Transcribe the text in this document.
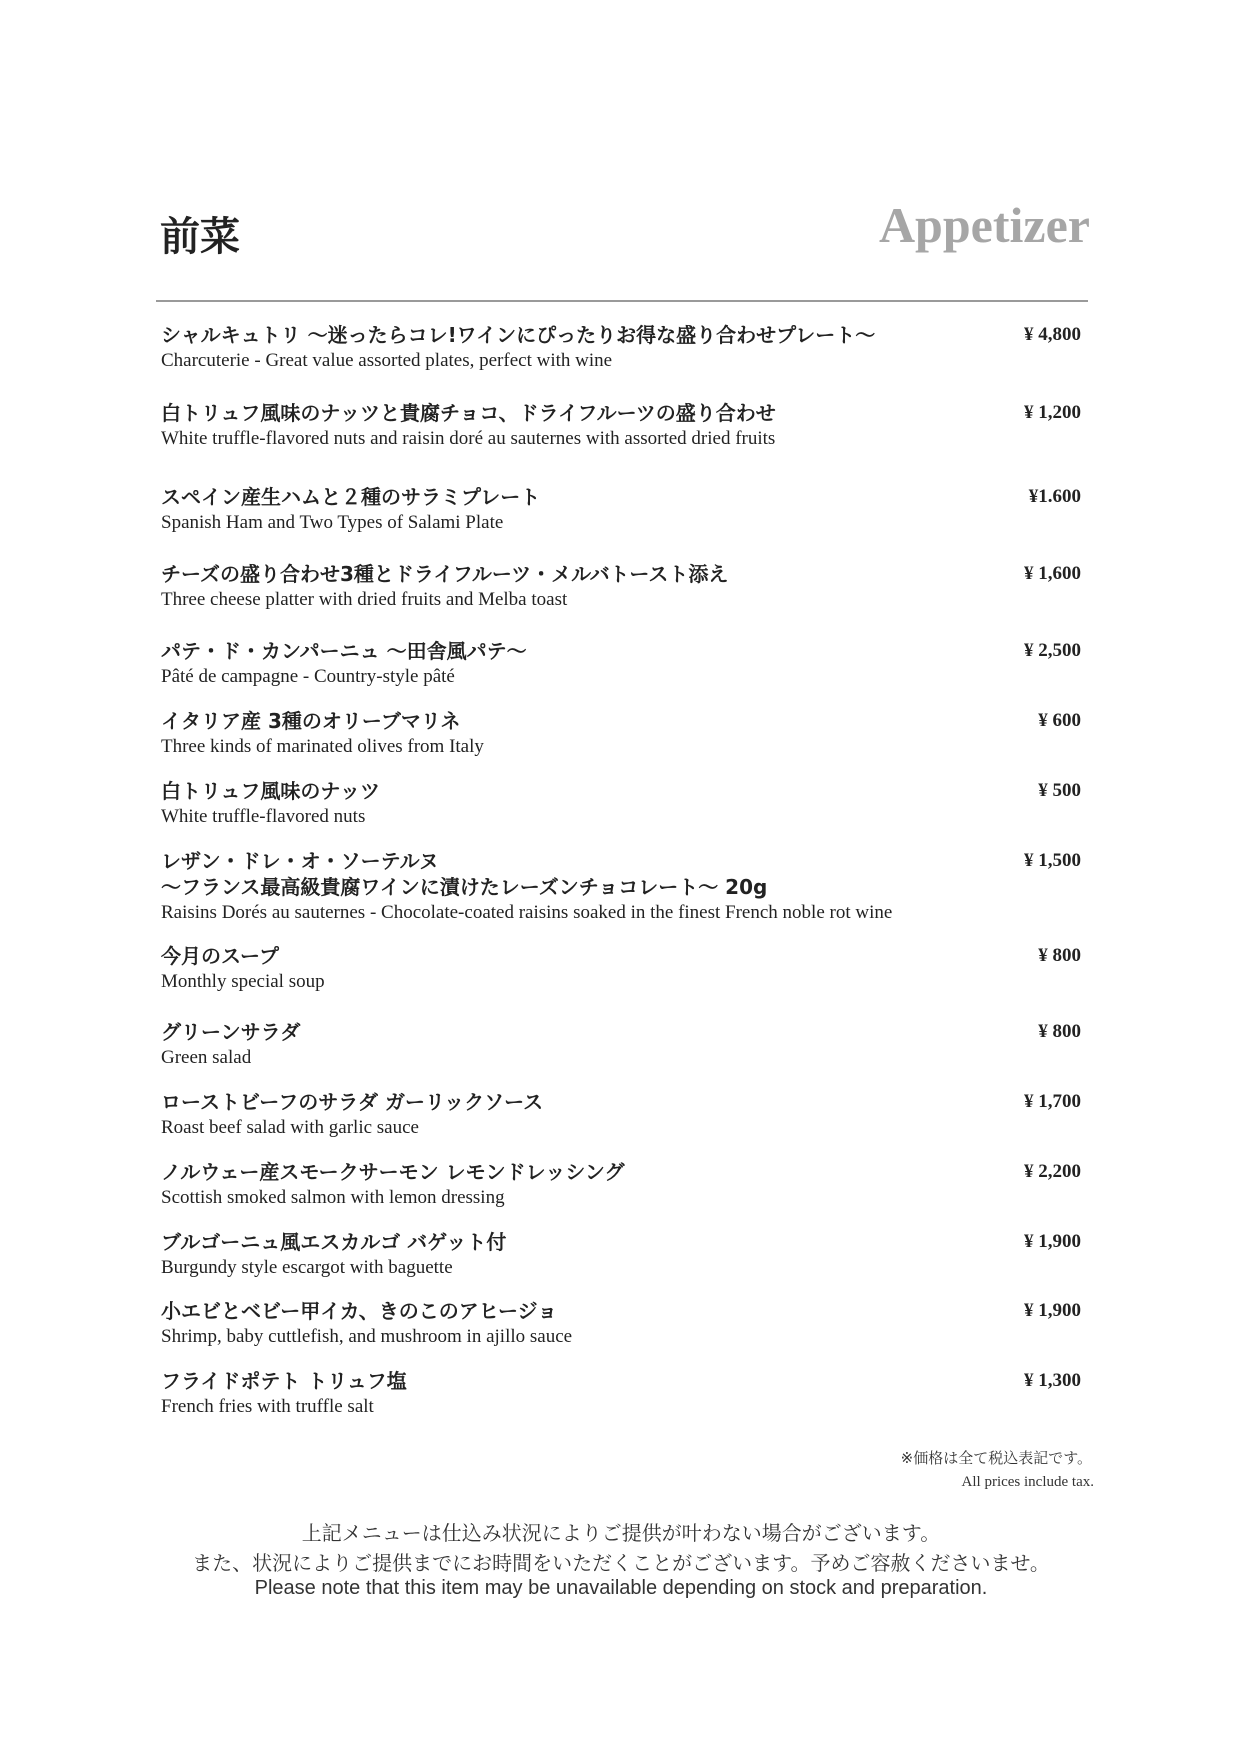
前菜	Appetizer
シャルキュトリ 〜迷ったらコレ!ワインにぴったりお得な盛り合わせプレート〜
Charcuterie - Great value assorted plates, perfect with wine
¥ 4,800
白トリュフ風味のナッツと貴腐チョコ、ドライフルーツの盛り合わせ
White truffle-flavored nuts and raisin doré au sauternes with assorted dried fruits
¥ 1,200
スペイン産生ハムと２種のサラミプレート
Spanish Ham and Two Types of Salami Plate
¥1.600
チーズの盛り合わせ3種とドライフルーツ・メルバトースト添え
Three cheese platter with dried fruits and Melba toast
¥ 1,600
パテ・ド・カンパーニュ 〜田舎風パテ〜
Pâté de campagne - Country-style pâté
¥ 2,500
イタリア産 3種のオリーブマリネ
Three kinds of marinated olives from Italy
¥ 600
白トリュフ風味のナッツ
White truffle-flavored nuts
¥ 500
レザン・ドレ・オ・ソーテルヌ
〜フランス最高級貴腐ワインに漬けたレーズンチョコレート〜 20g
Raisins Dorés au sauternes - Chocolate-coated raisins soaked in the finest French noble rot wine
¥ 1,500
今月のスープ
Monthly special soup
¥ 800
グリーンサラダ
Green salad
¥ 800
ローストビーフのサラダ ガーリックソース
Roast beef salad with garlic sauce
¥ 1,700
ノルウェー産スモークサーモン レモンドレッシング
Scottish smoked salmon with lemon dressing
¥ 2,200
ブルゴーニュ風エスカルゴ バゲット付
Burgundy style escargot with baguette
¥ 1,900
小エビとベビー甲イカ、きのこのアヒージョ
Shrimp, baby cuttlefish, and mushroom in ajillo sauce
¥ 1,900
フライドポテト トリュフ塩
French fries with truffle salt
¥ 1,300
※価格は全て税込表記です。
All prices include tax.
上記メニューは仕込み状況によりご提供が叶わない場合がございます。
また、状況によりご提供までにお時間をいただくことがございます。予めご容赦くださいませ。
Please note that this item may be unavailable depending on stock and preparation.
